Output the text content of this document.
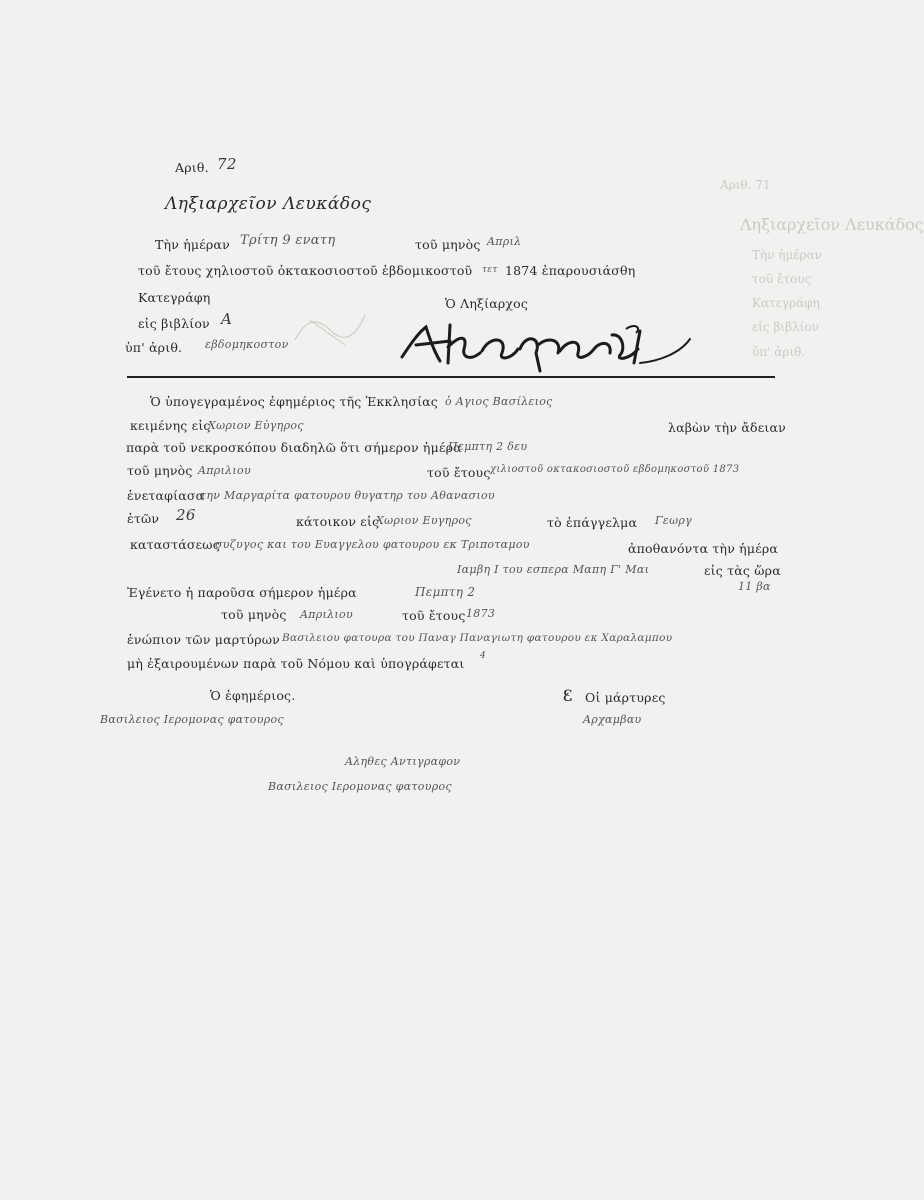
Αριθ. 71
Ληξιαρχεῖον Λευκάδος
Τὴν ἡμέραν
τοῦ ἔτους
Κατεγράφη
εἰς βιβλίον
ὑπ' ἀριθ.
Αριθ. 72
Ληξιαρχεῖον Λευκάδος
Τὴν ἡμέραν Τρίτη 9 ενατη	τοῦ μηνὸς Απριλ
τοῦ ἔτους χηλιοστοῦ ὀκτακοσιοστοῦ ἑβδομικοστοῦ τετ 1874 ἐπαρουσιάσθη
Κατεγράφη
εἰς βιβλίον Α
ὑπ' ἀριθ. εβδομηκοστον
Ὁ Ληξίαρχος
Ὁ ὑπογεγραμένος ἐφημέριος τῆς Ἐκκλησίας ὁ Αγιος Βασίλειος
κειμένης εἰς
Χωριον Εὐγηρος	λαβὼν τὴν ἄδειαν
παρὰ τοῦ νεκροσκόπου διαδηλῶ ὅτι σήμερον ἡμέρα
Πεμπτη 2 δευ
τοῦ μηνὸς Απριλιου	τοῦ ἔτους χιλιοστοῦ οκτακοσιοστοῦ εβδομηκοστοῦ 1873
ἐνεταφίασα
την Μαργαρίτα φατουρου θυγατηρ του Αθανασιου
ἐτῶν 26	κάτοικον εἰς
Χωριον Ευγηρος	τὸ ἐπάγγελμα Γεωργ
καταστάσεως
συζυγος και του Ευαγγελου φατουρου εκ Τριποταμου	ἀποθανόντα τὴν ἡμέρα
Ιαμβη Ι του εσπερα Μαπη Γ' Μαι	εἰς τὰς ὥρα
11 βα
Ἐγένετο ἡ παροῦσα σήμερον ἡμέρα	Πεμπτη 2
τοῦ μηνὸς Απριλιου	τοῦ ἔτους 1873
ἐνώπιον τῶν μαρτύρων Βασιλειου φατουρα του Παναγ Παναγιωτη φατουρου εκ Χαραλαμπου
μὴ ἐξαιρουμένων παρὰ τοῦ Νόμου καὶ ὑπογράφεται 4
Ὁ ἐφημέριος.	Ꜫ Οἱ μάρτυρες
Βασιλειος Ιερομονας φατουρος	Αρχαμβαυ
Αληθες Αντιγραφον
Βασιλειος Ιερομονας φατουρος
